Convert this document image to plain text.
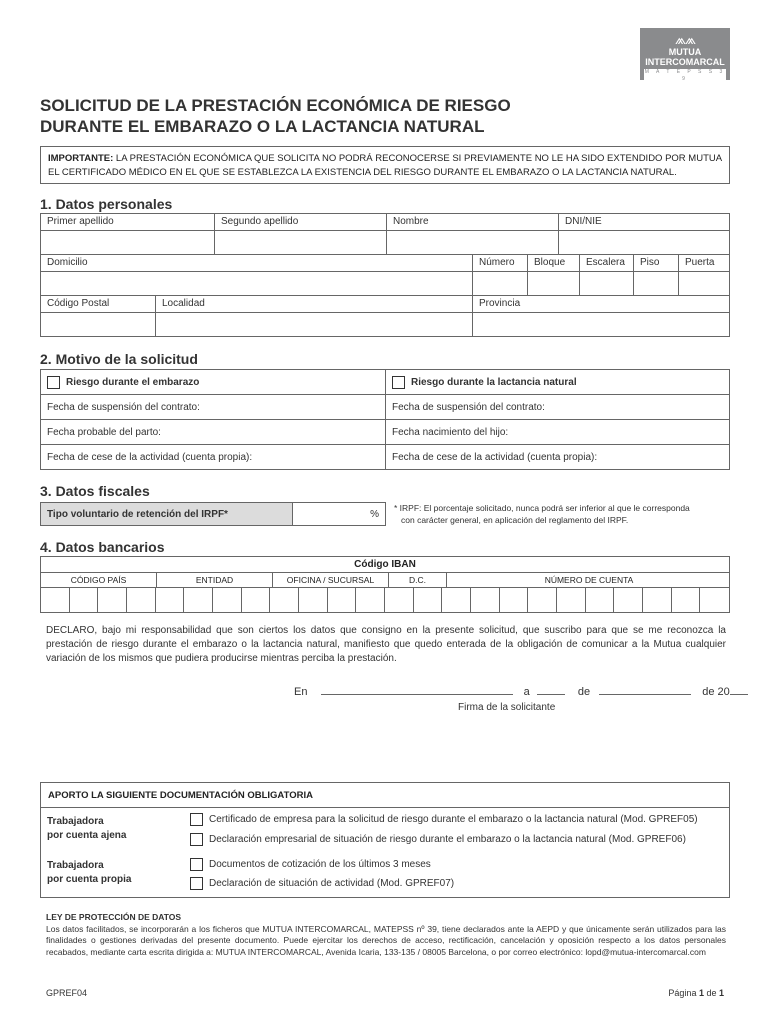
⩕⩕
MUTUA
INTERCOMARCAL
M A T E P S S 3 9
SOLICITUD DE LA PRESTACIÓN ECONÓMICA DE RIESGO
DURANTE EL EMBARAZO O LA LACTANCIA NATURAL
IMPORTANTE: LA PRESTACIÓN ECONÓMICA QUE SOLICITA NO PODRÁ RECONOCERSE SI PREVIAMENTE NO LE HA SIDO EXTENDIDO POR MUTUA EL CERTIFICADO MÉDICO EN EL QUE SE ESTABLEZCA LA EXISTENCIA DEL RIESGO DURANTE EL EMBARAZO O LA LACTANCIA NATURAL.
1. Datos personales
Primer apellido	Segundo apellido	Nombre	DNI/NIE

Domicilio	Número	Bloque	Escalera	Piso	Puerta

Código Postal	Localidad	Provincia

2. Motivo de la solicitud
Riesgo durante el embarazo	Riesgo durante la lactancia natural
Fecha de suspensión del contrato:	Fecha de suspensión del contrato:
Fecha probable del parto:	Fecha nacimiento del hijo:
Fecha de cese de la actividad (cuenta propia):	Fecha de cese de la actividad (cuenta propia):
3. Datos fiscales
Tipo voluntario de retención del IRPF*	%
* IRPF: El porcentaje solicitado, nunca podrá ser inferior al que le corresponda
con carácter general, en aplicación del reglamento del IRPF.
4. Datos bancarios
Código IBAN
CÓDIGO PAÍS	ENTIDAD	OFICINA / SUCURSAL	D.C.	NÚMERO DE CUENTA
DECLARO, bajo mi responsabilidad que son ciertos los datos que consigno en la presente solicitud, que suscribo para que se me reconozca la prestación de riesgo durante el embarazo o la lactancia natural, manifiesto que quedo enterada de la obligación de comunicar a la Mutua cualquier variación de los mismos que pudiera producirse mientras perciba la prestación.
En	a	de	de 20
Firma de la solicitante
APORTO LA SIGUIENTE DOCUMENTACIÓN OBLIGATORIA
Trabajadora
por cuenta ajena
Certificado de empresa para la solicitud de riesgo durante el embarazo o la lactancia natural (Mod. GPREF05)
Declaración empresarial de situación de riesgo durante el embarazo o la lactancia natural (Mod. GPREF06)
Trabajadora
por cuenta propia
Documentos de cotización de los últimos 3 meses
Declaración de situación de actividad (Mod. GPREF07)
LEY DE PROTECCIÓN DE DATOS
Los datos facilitados, se incorporarán a los ficheros que MUTUA INTERCOMARCAL, MATEPSS nº 39, tiene declarados ante la AEPD y que únicamente serán utilizados para las finalidades o gestiones derivadas del presente documento. Puede ejercitar los derechos de acceso, rectificación, cancelación y oposición respecto a los datos personales recabados, mediante carta escrita dirigida a: MUTUA INTERCOMARCAL, Avenida Icaria, 133-135 / 08005 Barcelona, o por correo electrónico: lopd@mutua-intercomarcal.com
GPREF04	Página 1 de 1
